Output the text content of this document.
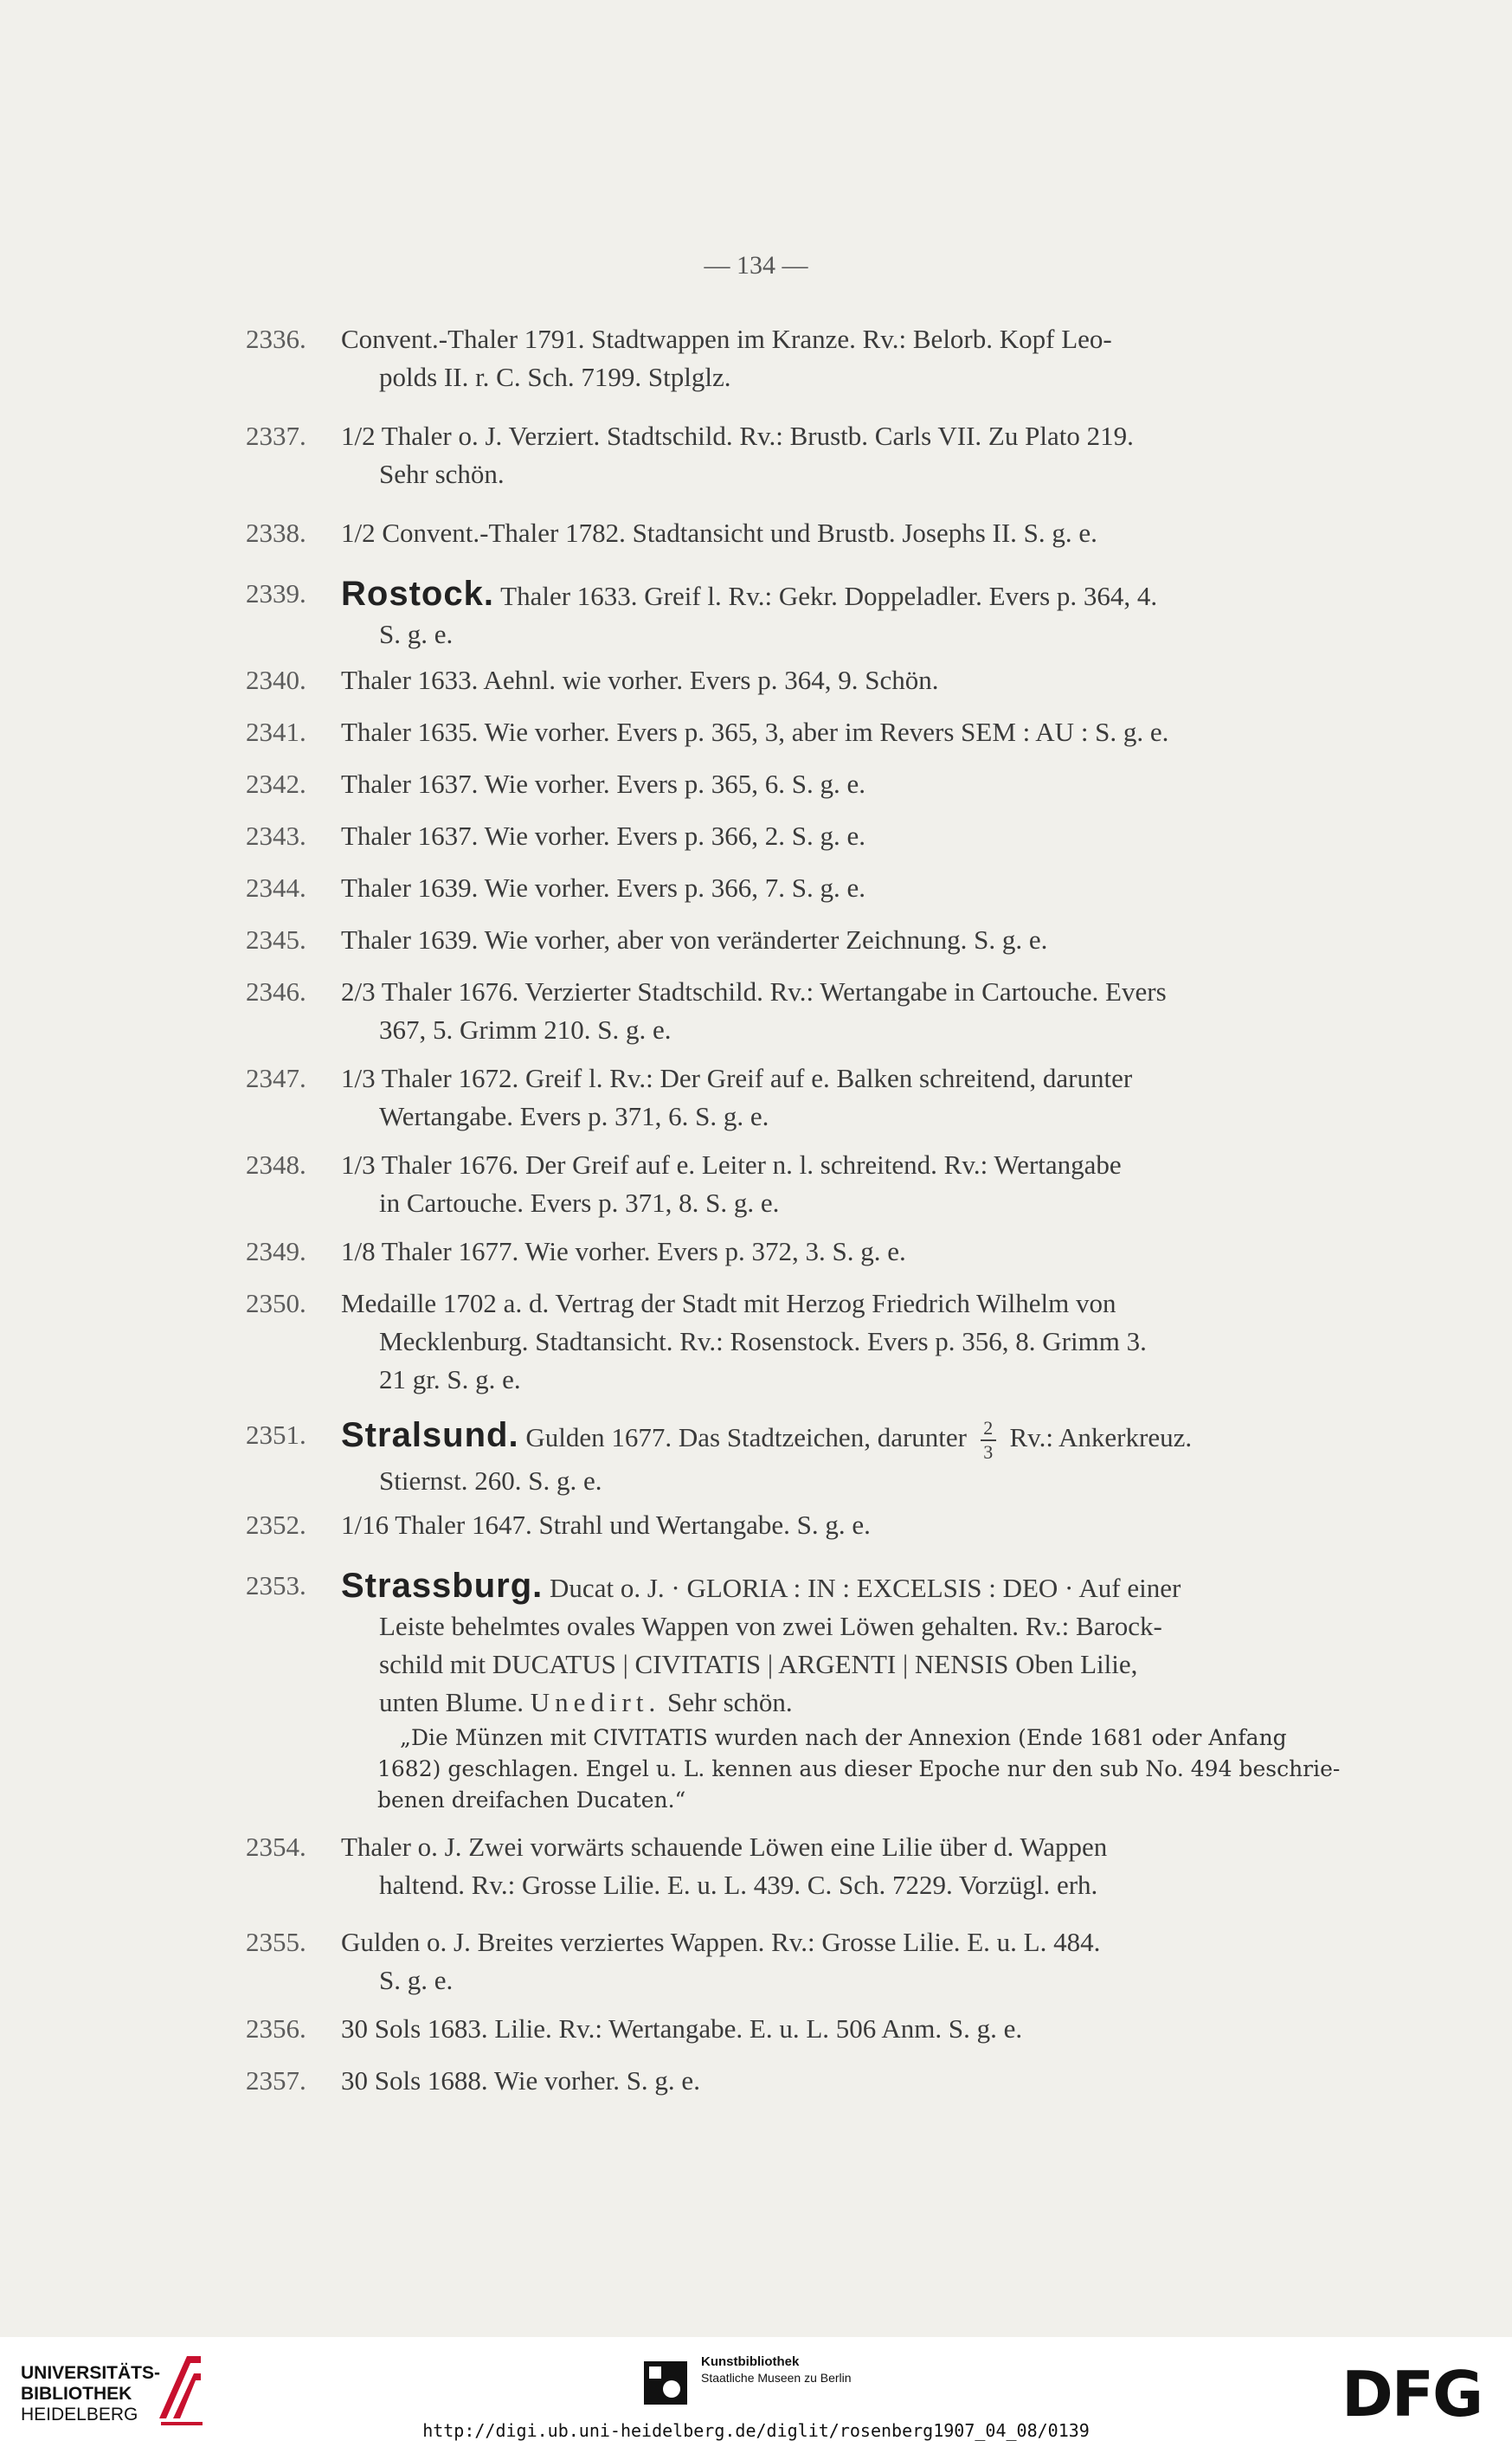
— 134 —
2336.	Convent.-Thaler 1791. Stadtwappen im Kranze. Rv.: Belorb. Kopf Leo-
polds II. r. C. Sch. 7199. Stplglz.
2337.	1/2 Thaler o. J. Verziert. Stadtschild. Rv.: Brustb. Carls VII. Zu Plato 219.
Sehr schön.
2338.	1/2 Convent.-Thaler 1782. Stadtansicht und Brustb. Josephs II. S. g. e.
2339.	Rostock. Thaler 1633. Greif l. Rv.: Gekr. Doppeladler. Evers p. 364, 4.
S. g. e.
2340.	Thaler 1633. Aehnl. wie vorher. Evers p. 364, 9. Schön.
2341.	Thaler 1635. Wie vorher. Evers p. 365, 3, aber im Revers SEM : AU : S. g. e.
2342.	Thaler 1637. Wie vorher. Evers p. 365, 6. S. g. e.
2343.	Thaler 1637. Wie vorher. Evers p. 366, 2. S. g. e.
2344.	Thaler 1639. Wie vorher. Evers p. 366, 7. S. g. e.
2345.	Thaler 1639. Wie vorher, aber von veränderter Zeichnung. S. g. e.
2346.	2/3 Thaler 1676. Verzierter Stadtschild. Rv.: Wertangabe in Cartouche. Evers
367, 5. Grimm 210. S. g. e.
2347.	1/3 Thaler 1672. Greif l. Rv.: Der Greif auf e. Balken schreitend, darunter
Wertangabe. Evers p. 371, 6. S. g. e.
2348.	1/3 Thaler 1676. Der Greif auf e. Leiter n. l. schreitend. Rv.: Wertangabe
in Cartouche. Evers p. 371, 8. S. g. e.
2349.	1/8 Thaler 1677. Wie vorher. Evers p. 372, 3. S. g. e.
2350.	Medaille 1702 a. d. Vertrag der Stadt mit Herzog Friedrich Wilhelm von
Mecklenburg. Stadtansicht. Rv.: Rosenstock. Evers p. 356, 8. Grimm 3.
21 gr. S. g. e.
2351.	Stralsund. Gulden 1677. Das Stadtzeichen, darunter $\frac{2}{3} Rv$.: Ankerkreuz.
Stiernst. 260. S. g. e.
2352.	1/16 Thaler 1647. Strahl und Wertangabe. S. g. e.
2353.	Strassburg. Ducat o. J. · GLORIA : IN : EXCELSIS : DEO · Auf einer
Leiste behelmtes ovales Wappen von zwei Löwen gehalten. Rv.: Barock-
schild mit DUCATUS | CIVITATIS | ARGENTI | NENSIS Oben Lilie,
unten Blume. Unedirt. Sehr schön.
„Die Münzen mit CIVITATIS wurden nach der Annexion (Ende 1681 oder Anfang
1682) geschlagen. Engel u. L. kennen aus dieser Epoche nur den sub No. 494 beschrie-
benen dreifachen Ducaten.“
2354.	Thaler o. J. Zwei vorwärts schauende Löwen eine Lilie über d. Wappen
haltend. Rv.: Grosse Lilie. E. u. L. 439. C. Sch. 7229. Vorzügl. erh.
2355.	Gulden o. J. Breites verziertes Wappen. Rv.: Grosse Lilie. E. u. L. 484.
S. g. e.
2356.	30 Sols 1683. Lilie. Rv.: Wertangabe. E. u. L. 506 Anm. S. g. e.
2357.	30 Sols 1688. Wie vorher. S. g. e.
UNIVERSITÄTS-
BIBLIOTHEK
HEIDELBERG
Kunstbibliothek
Staatliche Museen zu Berlin	DFG
http://digi.ub.uni-heidelberg.de/diglit/rosenberg1907_04_08/0139
